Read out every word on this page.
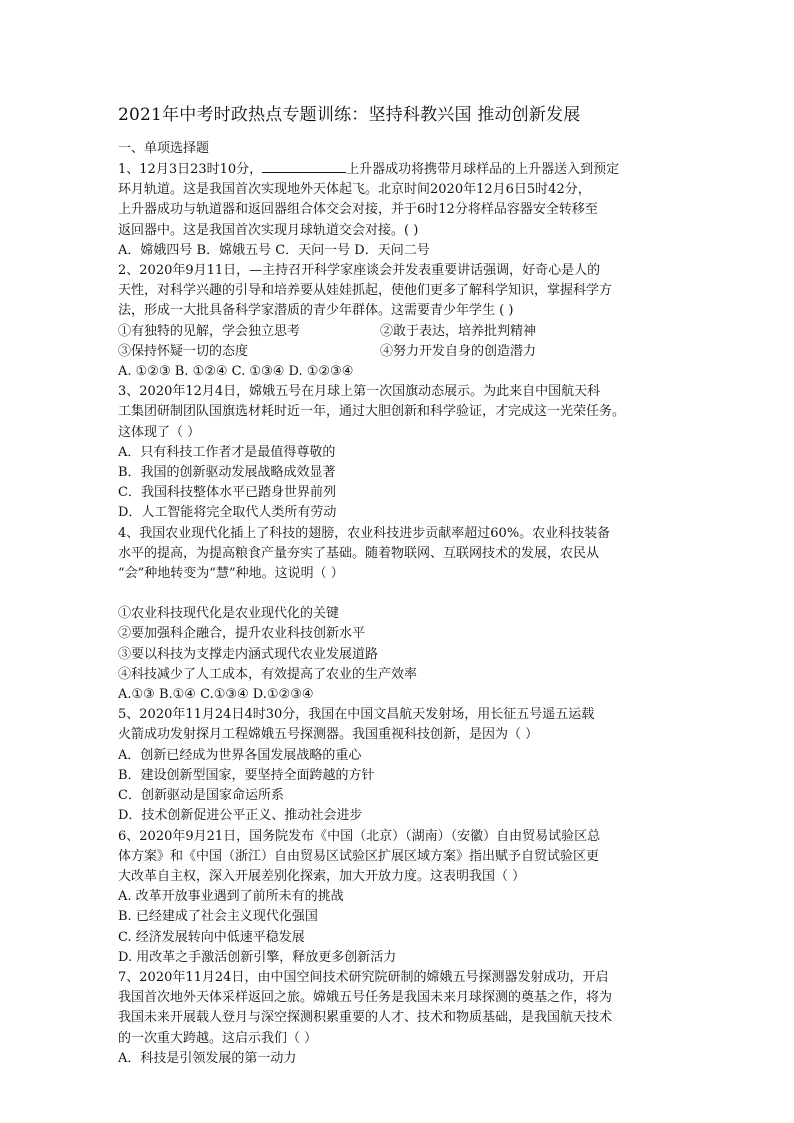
2021年中考时政热点专题训练：坚持科教兴国 推动创新发展
一、单项选择题
1、12月3日23时10分，	上升器成功将携带月球样品的上升器送入到预定
环月轨道。这是我国首次实现地外天体起飞。北京时间2020年12月6日5时42分，
上升器成功与轨道器和返回器组合体交会对接，并于6时12分将样品容器安全转移至
返回器中。这是我国首次实现月球轨道交会对接。( )
A．嫦娥四号 B．嫦娥五号 C．天问一号 D．天问二号
2、2020年9月11日，—主持召开科学家座谈会并发表重要讲话强调，好奇心是人的
天性，对科学兴趣的引导和培养要从娃娃抓起，使他们更多了解科学知识，掌握科学方
法，形成一大批具备科学家潜质的青少年群体。这需要青少年学生 ( )
①有独特的见解，学会独立思考	②敢于表达，培养批判精神
③保持怀疑一切的态度	④努力开发自身的创造潜力
A. ①②③ B. ①②④ C. ①③④ D. ①②③④
3、2020年12月4日，嫦娥五号在月球上第一次国旗动态展示。为此来自中国航天科
工集团研制团队国旗选材耗时近一年，通过大胆创新和科学验证，才完成这一光荣任务。
这体现了（ ）
A．只有科技工作者才是最值得尊敬的
B．我国的创新驱动发展战略成效显著
C．我国科技整体水平已踏身世界前列
D．人工智能将完全取代人类所有劳动
4、我国农业现代化插上了科技的翅膀，农业科技进步贡献率超过60%。农业科技装备
水平的提高，为提高粮食产量夯实了基础。随着物联网、互联网技术的发展，农民从
“会”种地转变为“慧”种地。这说明（ ）
①农业科技现代化是农业现代化的关键
②要加强科企融合，提升农业科技创新水平
③要以科技为支撑走内涵式现代农业发展道路
④科技减少了人工成本，有效提高了农业的生产效率
A.①③ B.①④ C.①③④ D.①②③④
5、2020年11月24日4时30分，我国在中国文昌航天发射场，用长征五号遥五运载
火箭成功发射探月工程嫦娥五号探测器。我国重视科技创新，是因为（ ）
A．创新已经成为世界各国发展战略的重心
B．建设创新型国家，要坚持全面跨越的方针
C．创新驱动是国家命运所系
D．技术创新促进公平正义、推动社会进步
6、2020年9月21日，国务院发布《中国（北京）（湖南）（安徽）自由贸易试验区总
体方案》和《中国（浙江）自由贸易区试验区扩展区域方案》指出赋予自贸试验区更
大改革自主权，深入开展差别化探索，加大开放力度。这表明我国（ ）
A. 改革开放事业遇到了前所未有的挑战
B. 已经建成了社会主义现代化强国
C. 经济发展转向中低速平稳发展
D. 用改革之手激活创新引擎，释放更多创新活力
7、2020年11月24日，由中国空间技术研究院研制的嫦娥五号探测器发射成功，开启
我国首次地外天体采样返回之旅。嫦娥五号任务是我国未来月球探测的奠基之作，将为
我国未来开展载人登月与深空探测积累重要的人才、技术和物质基础，是我国航天技术
的一次重大跨越。这启示我们（ ）
A．科技是引领发展的第一动力
